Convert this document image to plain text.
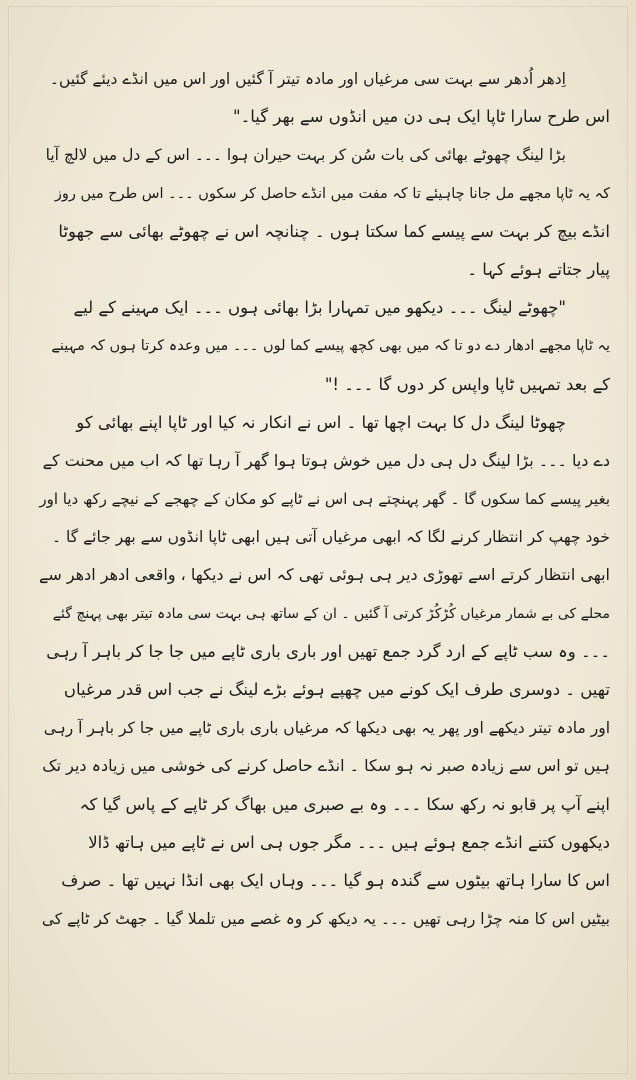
اِدھر اُدھر سے بہت سی مرغیاں اور مادہ تیتر آ گئیں اور اس میں انڈے دیئے گئیں۔
اس طرح سارا ٹاپا ایک ہی دن میں انڈوں سے بھر گیا۔"
بڑا لینگ چھوٹے بھائی کی بات سُن کر بہت حیران ہوا ۔۔۔ اس کے دل میں لالچ آیا
کہ یہ ٹاپا مجھے مل جانا چاہیئے تا کہ مفت میں انڈے حاصل کر سکوں ۔۔۔ اس طرح میں روز
انڈے بیچ کر بہت سے پیسے کما سکتا ہوں ۔ چنانچہ اس نے چھوٹے بھائی سے جھوٹا
پیار جتاتے ہوئے کہا ۔
"چھوٹے لینگ ۔۔۔ دیکھو میں تمہارا بڑا بھائی ہوں ۔۔۔ ایک مہینے کے لیے
یہ ٹاپا مجھے ادھار دے دو تا کہ میں بھی کچھ پیسے کما لوں ۔۔۔ میں وعدہ کرتا ہوں کہ مہینے
کے بعد تمہیں ٹاپا واپس کر دوں گا ۔۔۔ !"
چھوٹا لینگ دل کا بہت اچھا تھا ۔ اس نے انکار نہ کیا اور ٹاپا اپنے بھائی کو
دے دیا ۔۔۔ بڑا لینگ دل ہی دل میں خوش ہوتا ہوا گھر آ رہا تھا کہ اب میں محنت کے
بغیر پیسے کما سکوں گا ۔ گھر پہنچتے ہی اس نے ٹاپے کو مکان کے چھجے کے نیچے رکھ دیا اور
خود چھپ کر انتظار کرنے لگا کہ ابھی مرغیاں آتی ہیں ابھی ٹاپا انڈوں سے بھر جائے گا ۔
ابھی انتظار کرتے اسے تھوڑی دیر ہی ہوئی تھی کہ اس نے دیکھا ، واقعی ادھر ادھر سے
محلے کی بے شمار مرغیاں کُڑکُڑ کرتی آ گئیں ۔ ان کے ساتھ ہی بہت سی مادہ تیتر بھی پہنچ گئے
۔۔۔ وہ سب ٹاپے کے ارد گرد جمع تھیں اور باری باری ٹاپے میں جا جا کر باہر آ رہی
تھیں ۔ دوسری طرف ایک کونے میں چھپے ہوئے بڑے لینگ نے جب اس قدر مرغیاں
اور مادہ تیتر دیکھے اور پھر یہ بھی دیکھا کہ مرغیاں باری باری ٹاپے میں جا کر باہر آ رہی
ہیں تو اس سے زیادہ صبر نہ ہو سکا ۔ انڈے حاصل کرنے کی خوشی میں زیادہ دیر تک
اپنے آپ پر قابو نہ رکھ سکا ۔۔۔ وہ بے صبری میں بھاگ کر ٹاپے کے پاس گیا کہ
دیکھوں کتنے انڈے جمع ہوئے ہیں ۔۔۔ مگر جوں ہی اس نے ٹاپے میں ہاتھ ڈالا
اس کا سارا ہاتھ بیٹوں سے گندہ ہو گیا ۔۔۔ وہاں ایک بھی انڈا نہیں تھا ۔ صرف
بیٹیں اس کا منہ چڑا رہی تھیں ۔۔۔ یہ دیکھ کر وہ غصے میں تلملا گیا ۔ جھٹ کر ٹاپے کی
